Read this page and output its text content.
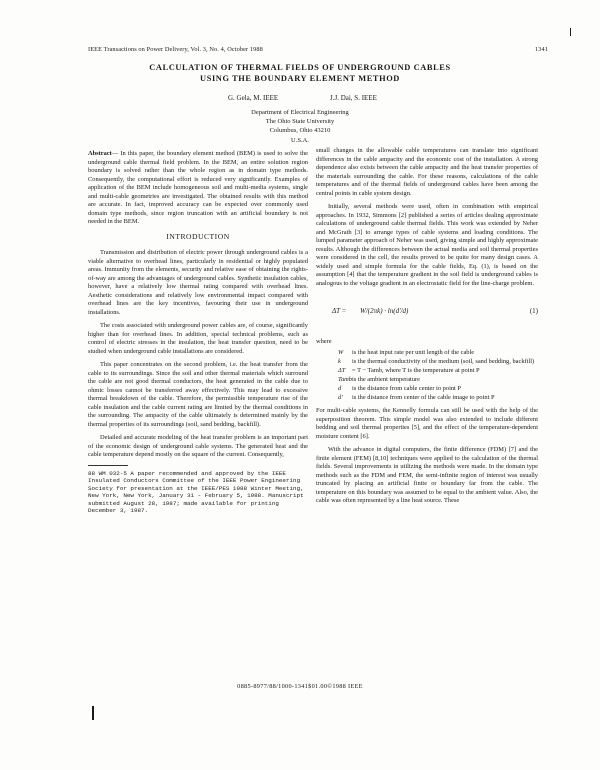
IEEE Transactions on Power Delivery, Vol. 3, No. 4, October 1988	1341
CALCULATION OF THERMAL FIELDS OF UNDERGROUND CABLES
USING THE BOUNDARY ELEMENT METHOD
G. Gela, M. IEEE	J.J. Dai, S. IEEE
Department of Electrical Engineering
The Ohio State University
Columbus, Ohio 43210
U.S.A.

Abstract— In this paper, the boundary element method (BEM) is used to solve the underground cable thermal field problem. In the BEM, an entire solution region boundary is solved rather than the whole region as in domain type methods. Consequently, the computational effort is reduced very significantly. Examples of application of the BEM include homogeneous soil and multi-media systems, single and multi-cable geometries are investigated. The obtained results with this method are accurate. In fact, improved accuracy can be expected over commonly used domain type methods, since region truncation with an artificial boundary is not needed in the BEM.

INTRODUCTION

Transmission and distribution of electric power through underground cables is a viable alternative to overhead lines, particularly in residential or highly populated areas. Immunity from the elements, security and relative ease of obtaining the rights-of-way are among the advantages of underground cables. Synthetic insulation cables, however, have a relatively low thermal rating compared with overhead lines. Aesthetic considerations and relatively low environmental impact compared with overhead lines are the key incentives, favouring their use in underground installations.

The costs associated with underground power cables are, of course, significantly higher than for overhead lines. In addition, special technical problems, such as control of electric stresses in the insulation, the heat transfer question, need to be studied when underground cable installations are considered.

This paper concentrates on the second problem, i.e. the heat transfer from the cable to its surroundings. Since the soil and other thermal materials which surround the cable are not good thermal conductors, the heat generated in the cable due to ohmic losses cannot be transferred away effectively. This may lead to excessive thermal breakdown of the cable. Therefore, the permissible temperature rise of the cable insulation and the cable current rating are limited by the thermal conditions in the surrounding. The ampacity of the cable ultimately is determined mainly by the thermal properties of its surroundings (soil, sand bedding, backfill).

Detailed and accurate modeling of the heat transfer problem is an important part of the economic design of underground cable systems. The generated heat and the cable temperature depend mostly on the square of the current. Consequently,

88 WM 032-5 A paper recommended and approved by the IEEE Insulated Conductors Committee of the IEEE Power Engineering Society for presentation at the IEEE/PES 1988 Winter Meeting, New York, New York, January 31 - February 5, 1988. Manuscript submitted August 28, 1987; made available for printing December 3, 1987.

small changes in the allowable cable temperatures can translate into significant differences in the cable ampacity and the economic cost of the installation. A strong dependence also exists between the cable ampacity and the heat transfer properties of the materials surrounding the cable. For these reasons, calculations of the cable temperatures and of the thermal fields of underground cables have been among the central points in cable system design.

Initially, several methods were used, often in combination with empirical approaches. In 1932, Simmons [2] published a series of articles dealing approximate calculations of underground cable thermal fields. This work was extended by Neher and McGrath [3] to arrange types of cable systems and loading conditions. The lumped parameter approach of Neher was used, giving simple and highly approximate results. Although the differences between the actual media and soil thermal properties were considered in the cell, the results proved to be quite for many design cases. A widely used and simple formula for the cable fields, Eq. (1), is based on the assumption [4] that the temperature gradient in the soil field is underground cables is analogous to the voltage gradient in an electrostatic field for the line-charge problem.

ΔT =	W/(2πk) · ln(d′/d)	(1)
where
W	is the heat input rate per unit length of the cable
k	is the thermal conductivity of the medium (soil, sand bedding, backfill)
ΔT	= T − Tamb, where T is the temperature at point P
Tamb is the ambient temperature
d	is the distance from cable center to point P
d′	is the distance from center of the cable image to point P

For multi-cable systems, the Kennelly formula can still be used with the help of the superposition theorem. This simple model was also extended to include different bedding and soil thermal properties [5], and the effect of the temperature-dependent moisture content [6].

With the advance in digital computers, the finite difference (FDM) [7] and the finite element (FEM) [8,10] techniques were applied to the calculation of the thermal fields. Several improvements in utilizing the methods were made. In the domain type methods such as the FDM and FEM, the semi-infinite region of interest was usually truncated by placing an artificial finite or boundary far from the cable. The temperature on this boundary was assumed to be equal to the ambient value. Also, the cable was often represented by a line heat source. These

0885-8977/88/1000-1341$01.00©1988 IEEE
